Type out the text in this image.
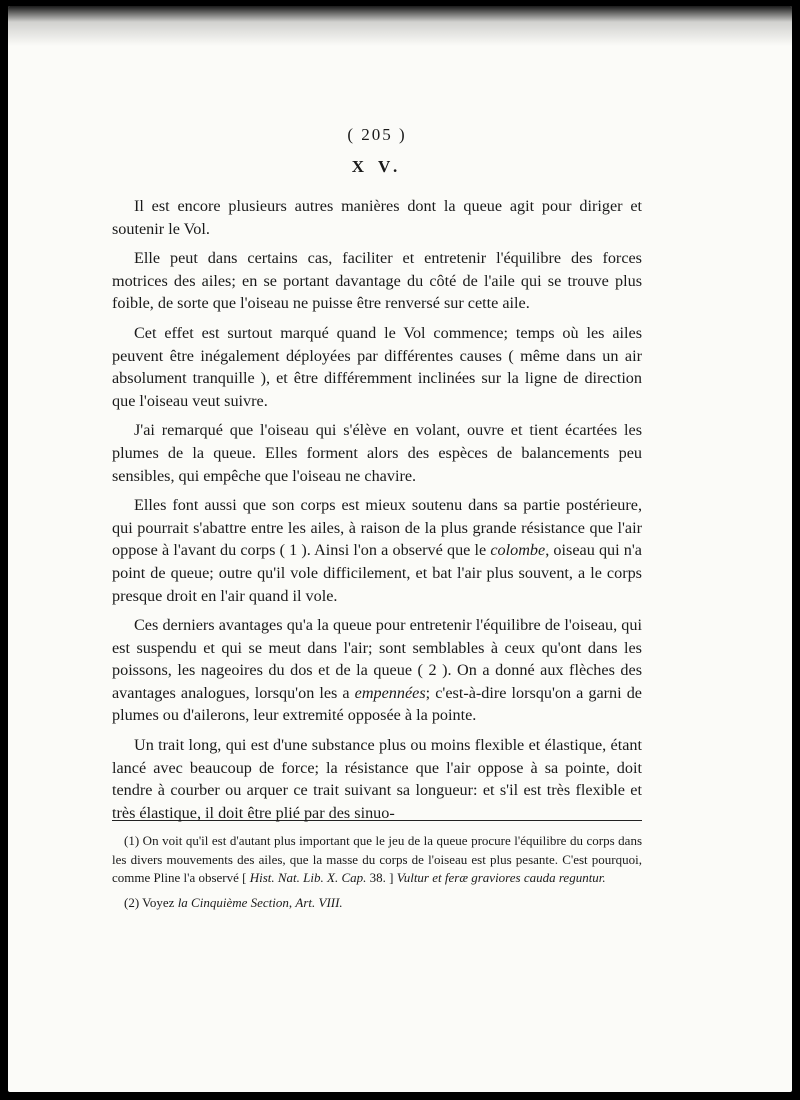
( 205 )
X V.

Il est encore plusieurs autres manières dont la queue agit pour diriger et soutenir le Vol.

Elle peut dans certains cas, faciliter et entretenir l'équilibre des forces motrices des ailes; en se portant davantage du côté de l'aile qui se trouve plus foible, de sorte que l'oiseau ne puisse être renversé sur cette aile.

Cet effet est surtout marqué quand le Vol commence; temps où les ailes peuvent être inégalement déployées par différentes causes ( même dans un air absolument tranquille ), et être différemment inclinées sur la ligne de direction que l'oiseau veut suivre.

J'ai remarqué que l'oiseau qui s'élève en volant, ouvre et tient écartées les plumes de la queue. Elles forment alors des espèces de balancements peu sensibles, qui empêche que l'oiseau ne chavire.

Elles font aussi que son corps est mieux soutenu dans sa partie postérieure, qui pourrait s'abattre entre les ailes, à raison de la plus grande résistance que l'air oppose à l'avant du corps ( 1 ). Ainsi l'on a observé que le colombe, oiseau qui n'a point de queue; outre qu'il vole difficilement, et bat l'air plus souvent, a le corps presque droit en l'air quand il vole.

Ces derniers avantages qu'a la queue pour entretenir l'équilibre de l'oiseau, qui est suspendu et qui se meut dans l'air; sont semblables à ceux qu'ont dans les poissons, les nageoires du dos et de la queue ( 2 ). On a donné aux flèches des avantages analogues, lorsqu'on les a empennées; c'est-à-dire lorsqu'on a garni de plumes ou d'ailerons, leur extremité opposée à la pointe.

Un trait long, qui est d'une substance plus ou moins flexible et élastique, étant lancé avec beaucoup de force; la résistance que l'air oppose à sa pointe, doit tendre à courber ou arquer ce trait suivant sa longueur: et s'il est très flexible et très élastique, il doit être plié par des sinuo-

(1) On voit qu'il est d'autant plus important que le jeu de la queue procure l'équilibre du corps dans les divers mouvements des ailes, que la masse du corps de l'oiseau est plus pesante. C'est pourquoi, comme Pline l'a observé [ Hist. Nat. Lib. X. Cap. 38. ] Vultur et feræ graviores cauda reguntur.

(2) Voyez la Cinquième Section, Art. VIII.
